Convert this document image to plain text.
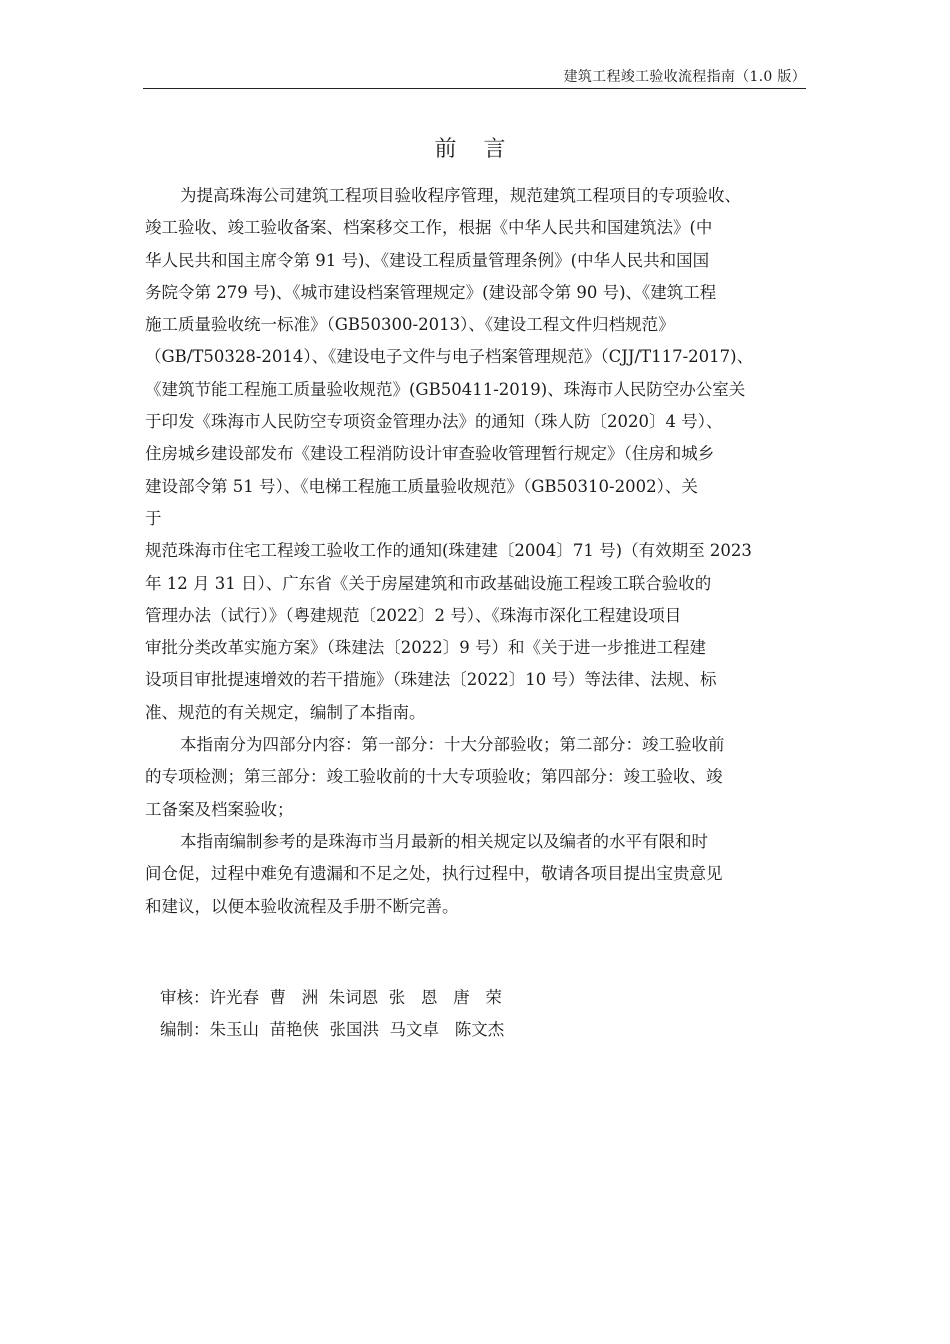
建筑工程竣工验收流程指南（1.0 版）
前 言
为提高珠海公司建筑工程项目验收程序管理，规范建筑工程项目的专项验收、
竣工验收、竣工验收备案、档案移交工作，根据《中华人民共和国建筑法》(中
华人民共和国主席令第 91 号)、《建设工程质量管理条例》(中华人民共和国国
务院令第 279 号)、《城市建设档案管理规定》(建设部令第 90 号)、《建筑工程
施工质量验收统一标准》（GB50300-2013）、《建设工程文件归档规范》
（GB/T50328-2014）、《建设电子文件与电子档案管理规范》（CJJ/T117-2017)、
《建筑节能工程施工质量验收规范》(GB50411-2019)、珠海市人民防空办公室关
于印发《珠海市人民防空专项资金管理办法》的通知（珠人防〔2020〕4 号）、
住房城乡建设部发布《建设工程消防设计审查验收管理暂行规定》（住房和城乡
建设部令第 51 号）、《电梯工程施工质量验收规范》（GB50310-2002）、关
于
规范珠海市住宅工程竣工验收工作的通知(珠建建〔2004〕71 号)（有效期至 2023
年 12 月 31 日）、广东省《关于房屋建筑和市政基础设施工程竣工联合验收的
管理办法（试行）》（粤建规范〔2022〕2 号）、《珠海市深化工程建设项目
审批分类改革实施方案》（珠建法〔2022〕9 号）和《关于进一步推进工程建
设项目审批提速增效的若干措施》（珠建法〔2022〕10 号）等法律、法规、标
准、规范的有关规定，编制了本指南。
本指南分为四部分内容：第一部分：十大分部验收；第二部分：竣工验收前
的专项检测；第三部分：竣工验收前的十大专项验收；第四部分：竣工验收、竣
工备案及档案验收；
本指南编制参考的是珠海市当月最新的相关规定以及编者的水平有限和时
间仓促，过程中难免有遗漏和不足之处，执行过程中，敬请各项目提出宝贵意见
和建议，以便本验收流程及手册不断完善。
审核：许光春  曹   洲  朱词恩  张   恩   唐   荣
编制：朱玉山  苗艳侠  张国洪  马文卓   陈文杰
